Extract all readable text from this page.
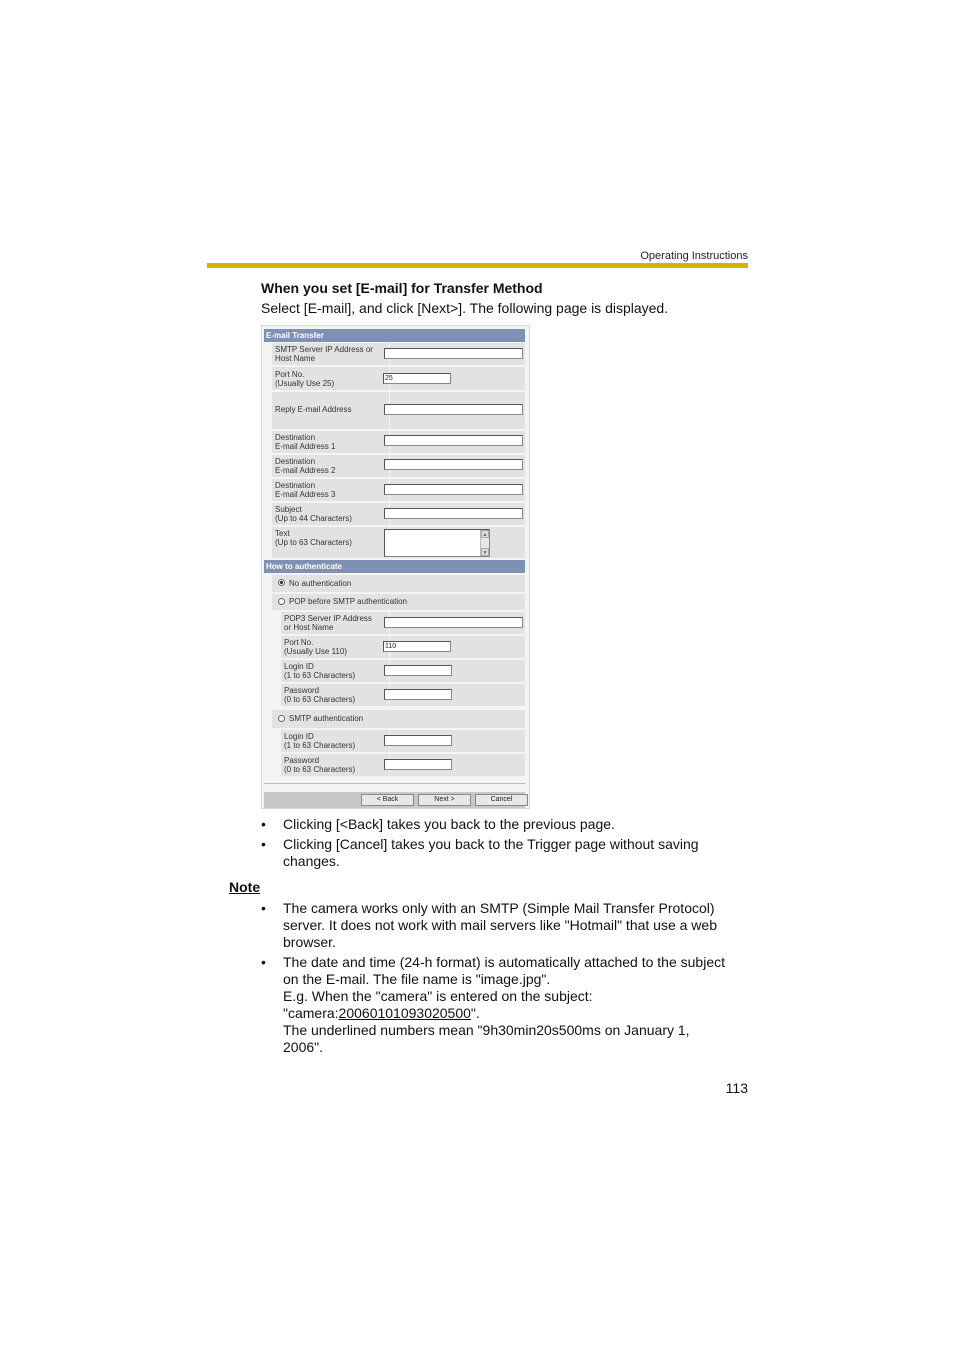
Operating Instructions
When you set [E-mail] for Transfer Method
Select [E-mail], and click [Next>]. The following page is displayed.
E-mail Transfer
SMTP Server IP Address or
Host Name
Port No.
(Usually Use 25)
25
Reply E-mail Address
Destination
E-mail Address 1
Destination
E-mail Address 2
Destination
E-mail Address 3
Subject
(Up to 44 Characters)
Text
(Up to 63 Characters)
▲
▼
How to authenticate
No authentication
POP before SMTP authentication
POP3 Server IP Address
or Host Name
Port No.
(Usually Use 110)
110
Login ID
(1 to 63 Characters)
Password
(0 to 63 Characters)
SMTP authentication
Login ID
(1 to 63 Characters)
Password
(0 to 63 Characters)
< Back	Next >	Cancel
• Clicking [<Back] takes you back to the previous page.
• Clicking [Cancel] takes you back to the Trigger page without saving changes.
Note
• The camera works only with an SMTP (Simple Mail Transfer Protocol) server. It does not work with mail servers like "Hotmail" that use a web browser.
• The date and time (24-h format) is automatically attached to the subject on the E-mail. The file name is "image.jpg".
E.g. When the "camera" is entered on the subject:
"camera:20060101093020500".
The underlined numbers mean "9h30min20s500ms on January 1, 2006".
113
